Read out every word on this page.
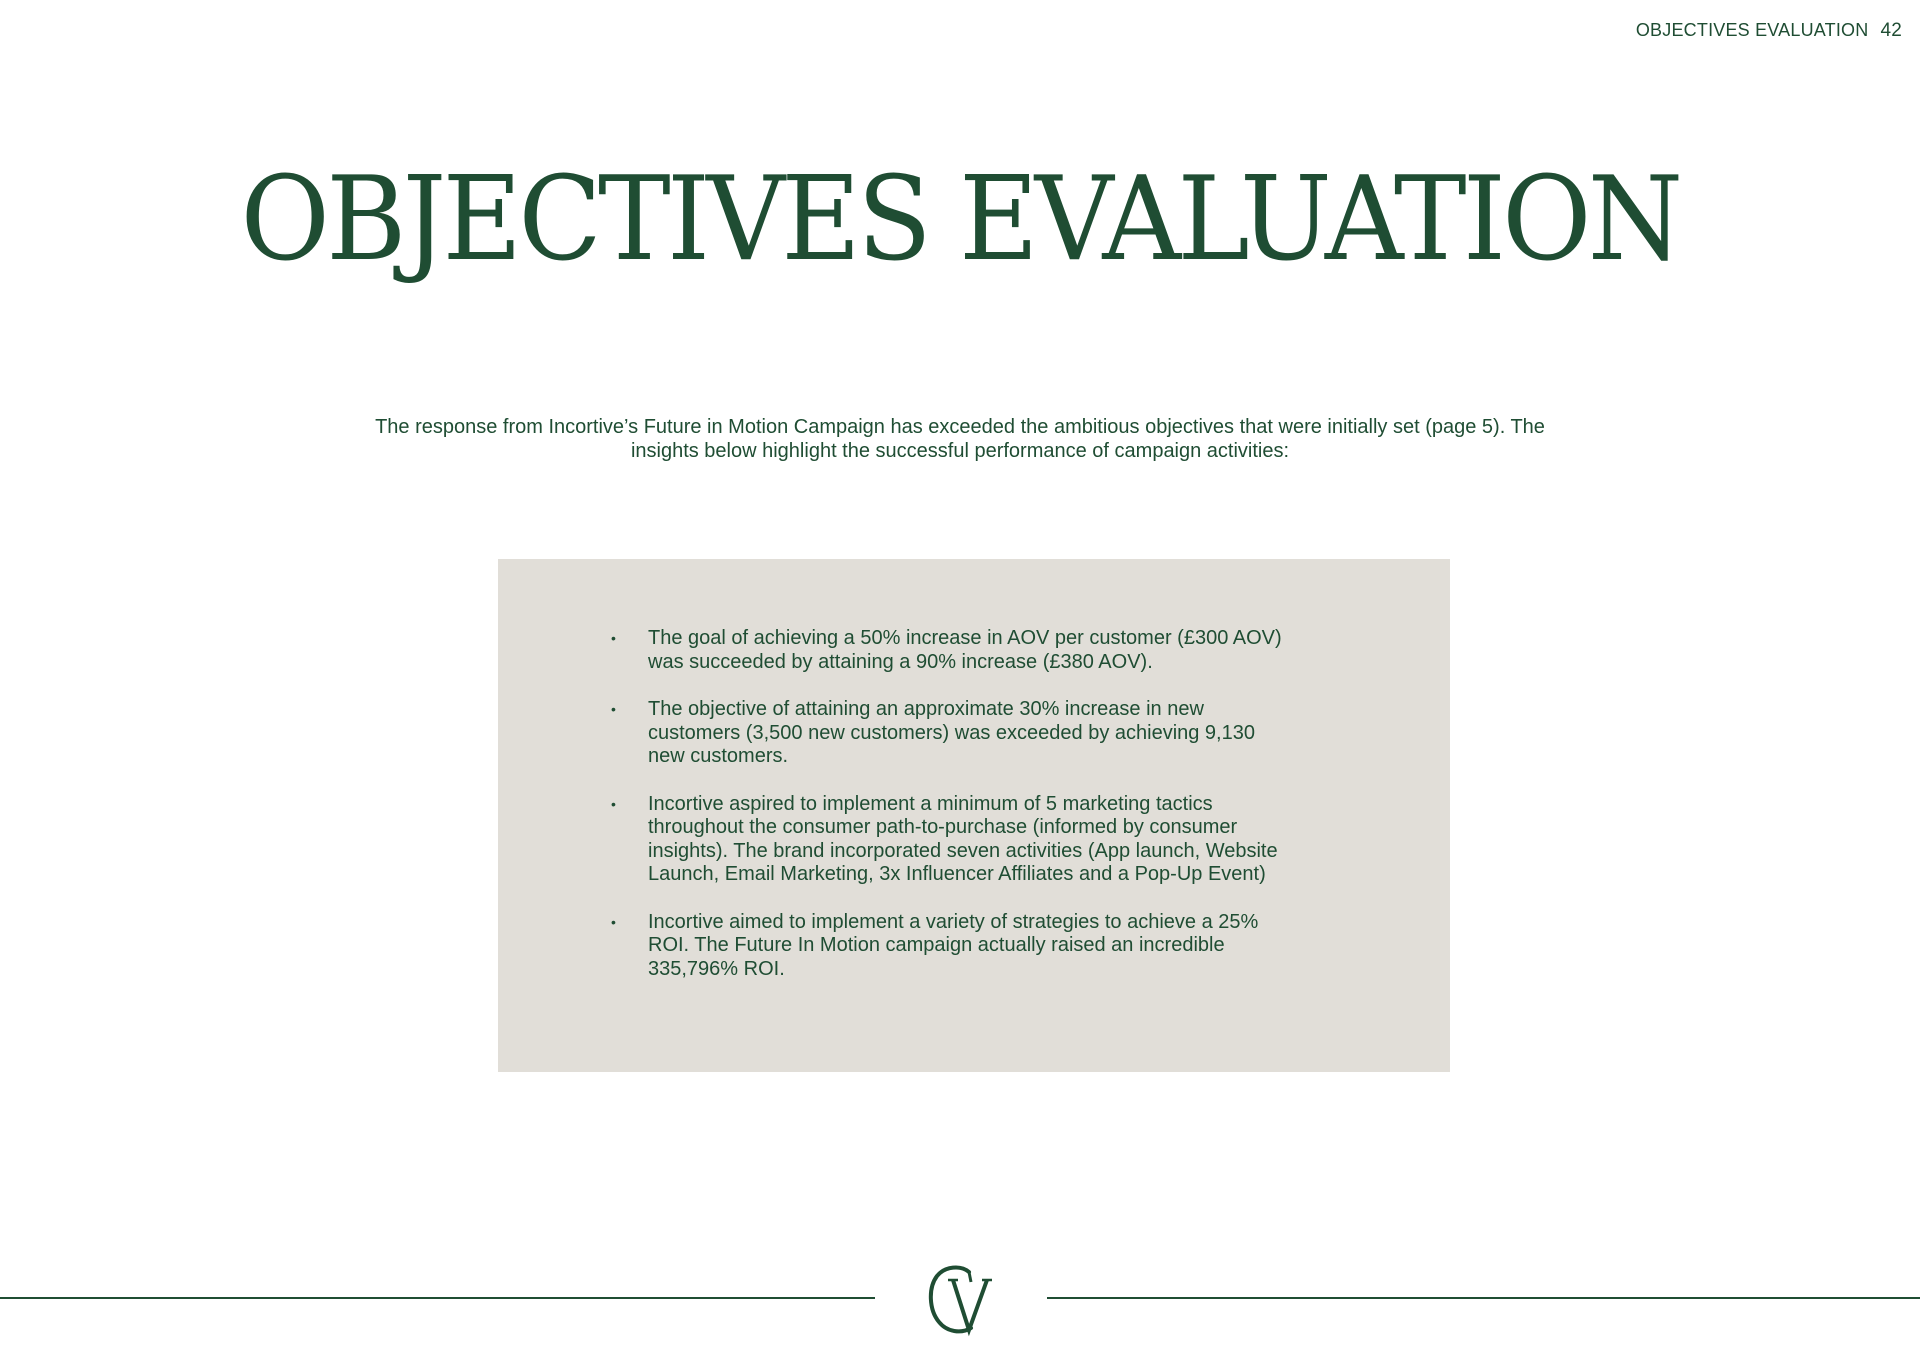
OBJECTIVES EVALUATION 42
OBJECTIVES EVALUATION

The response from Incortive’s Future in Motion Campaign has exceeded the ambitious objectives that were initially set (page 5). The insights below highlight the successful performance of campaign activities:

• The goal of achieving a 50% increase in AOV per customer (£300 AOV) was succeeded by attaining a 90% increase (£380 AOV).
• The objective of attaining an approximate 30% increase in new customers (3,500 new customers) was exceeded by achieving 9,130 new customers.
• Incortive aspired to implement a minimum of 5 marketing tactics throughout the consumer path-to-purchase (informed by consumer insights). The brand incorporated seven activities (App launch, Website Launch, Email Marketing, 3x Influencer Affiliates and a Pop-Up Event)
• Incortive aimed to implement a variety of strategies to achieve a 25% ROI. The Future In Motion campaign actually raised an incredible 335,796% ROI.
